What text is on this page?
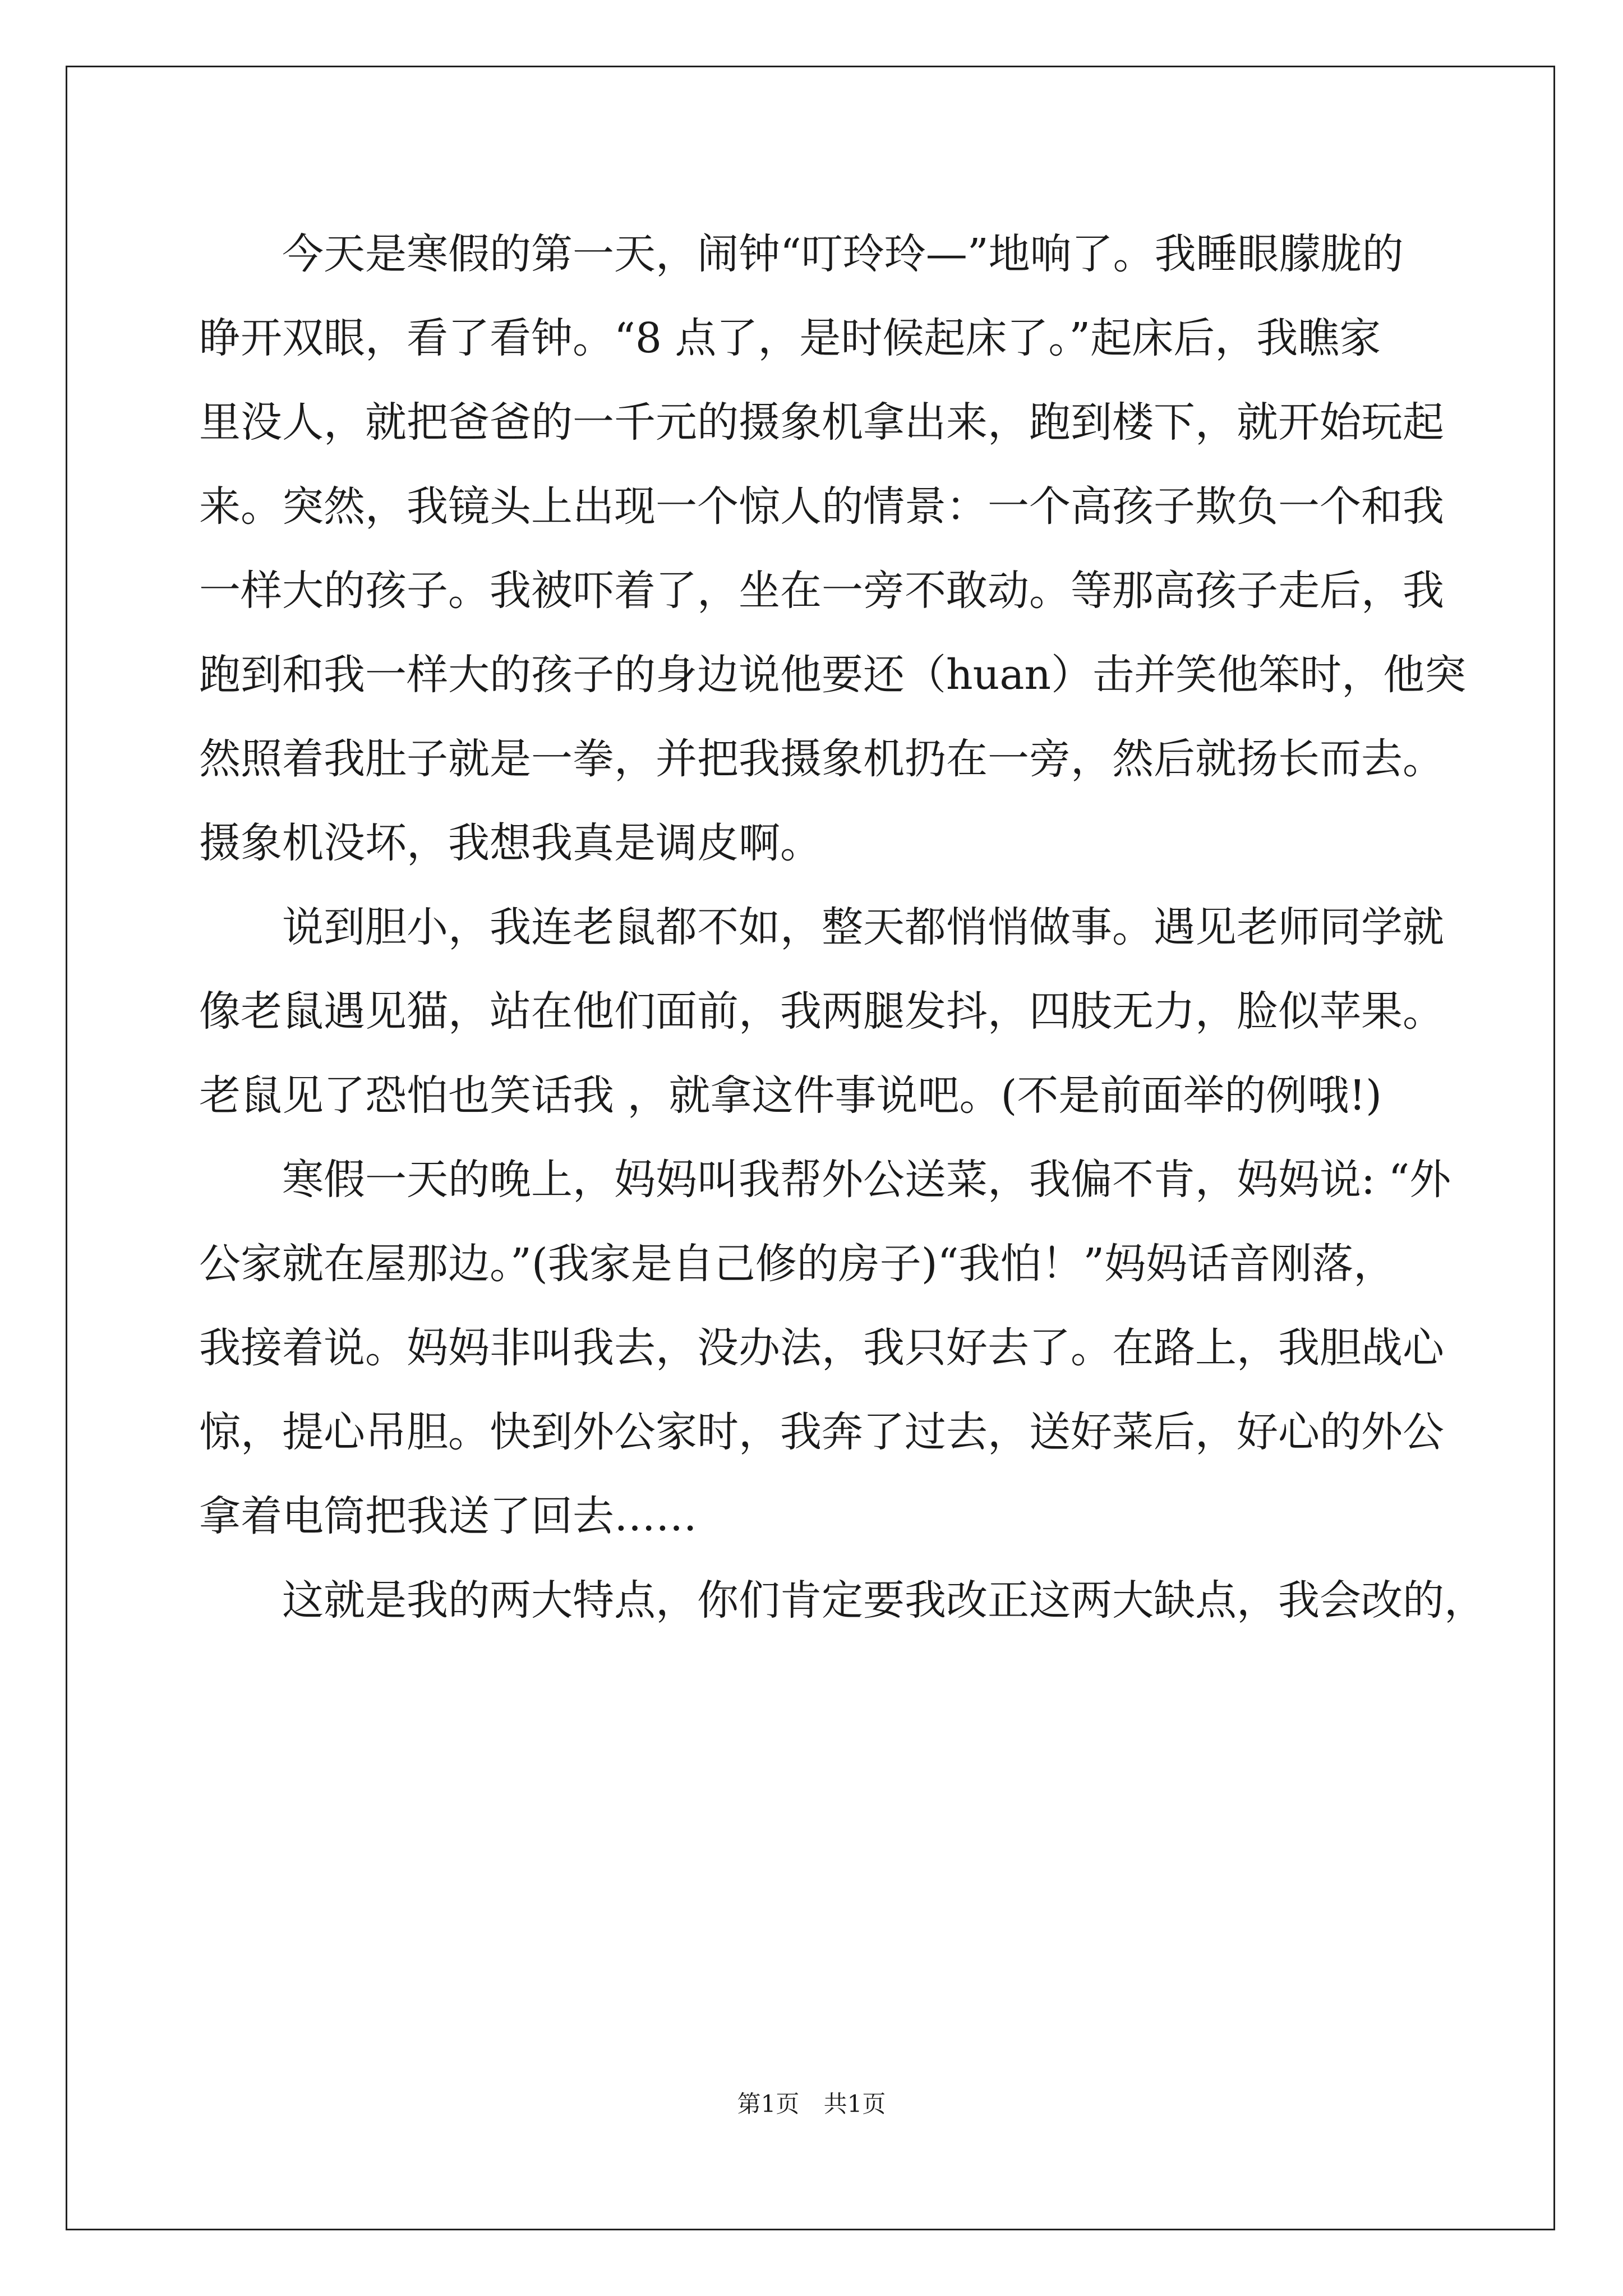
今天是寒假的第一天，闹钟“叮玲玲—”地响了。我睡眼朦胧的
睁开双眼，看了看钟。“8 点了，是时候起床了。”起床后，我瞧家
里没人，就把爸爸的一千元的摄象机拿出来，跑到楼下，就开始玩起
来。突然，我镜头上出现一个惊人的情景：一个高孩子欺负一个和我
一样大的孩子。我被吓着了，坐在一旁不敢动。等那高孩子走后，我
跑到和我一样大的孩子的身边说他要还（huan）击并笑他笨时，他突
然照着我肚子就是一拳，并把我摄象机扔在一旁，然后就扬长而去。
摄象机没坏，我想我真是调皮啊。
说到胆小，我连老鼠都不如，整天都悄悄做事。遇见老师同学就
像老鼠遇见猫，站在他们面前，我两腿发抖，四肢无力，脸似苹果。
老鼠见了恐怕也笑话我 ，就拿这件事说吧。(不是前面举的例哦!)
寒假一天的晚上，妈妈叫我帮外公送菜，我偏不肯，妈妈说: “外
公家就在屋那边。”(我家是自己修的房子)“我怕！”妈妈话音刚落，
我接着说。妈妈非叫我去，没办法，我只好去了。在路上，我胆战心
惊，提心吊胆。快到外公家时，我奔了过去，送好菜后，好心的外公
拿着电筒把我送了回去……
这就是我的两大特点，你们肯定要我改正这两大缺点，我会改的，
第1页 共1页
